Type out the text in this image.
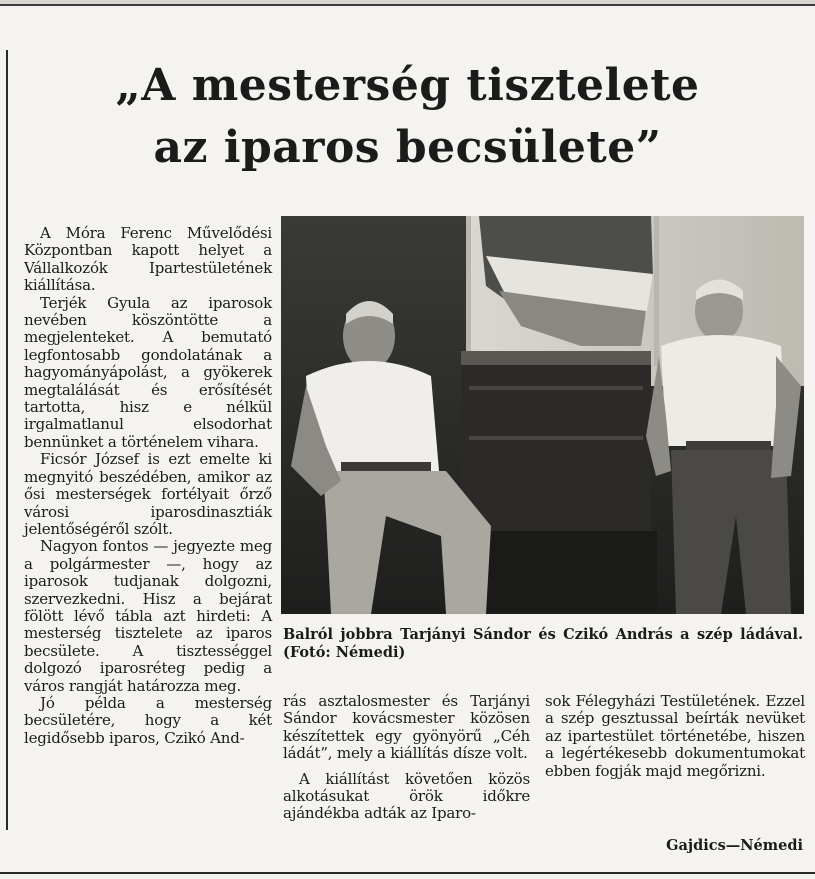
„A mesterség tisztelete
az iparos becsülete”

A Móra Ferenc Művelődési Központban kapott helyet a Vállalkozók Ipartestületének kiállítása.

Terjék Gyula az iparosok nevében köszöntötte a megjelenteket. A bemutató legfontosabb gondolatának a hagyományápolást, a gyökerek megtalálását és erősítését tartotta, hisz e nélkül irgalmatlanul elsodorhat bennünket a történelem vihara.

Ficsór József is ezt emelte ki megnyitó beszédében, amikor az ősi mesterségek fortélyait őrző városi iparosdinasztiák jelentőségéről szólt.

Nagyon fontos — jegyezte meg a polgármester —, hogy az iparosok tudjanak dolgozni, szervezkedni. Hisz a bejárat fölött lévő tábla azt hirdeti: A mesterség tisztelete az iparos becsülete. A tisztességgel dolgozó iparosréteg pedig a város rangját határozza meg.

Jó példa a mesterség becsületére, hogy a két legidősebb iparos, Czikó And-

Balról jobbra Tarjányi Sándor és Czikó András a szép ládával. (Fotó: Némedi)

rás asztalosmester és Tarjányi Sándor kovácsmester közösen készítettek egy gyönyörű „Céh ládát”, mely a kiállítás dísze volt.

A kiállítást követően közös alkotásukat örök időkre ajándékba adták az Iparo-

sok Félegyházi Testületének. Ezzel a szép gesztussal beírták nevüket az ipartestület történetébe, hiszen a legértékesebb dokumentumokat ebben fogják majd megőrizni.

Gajdics—Némedi
